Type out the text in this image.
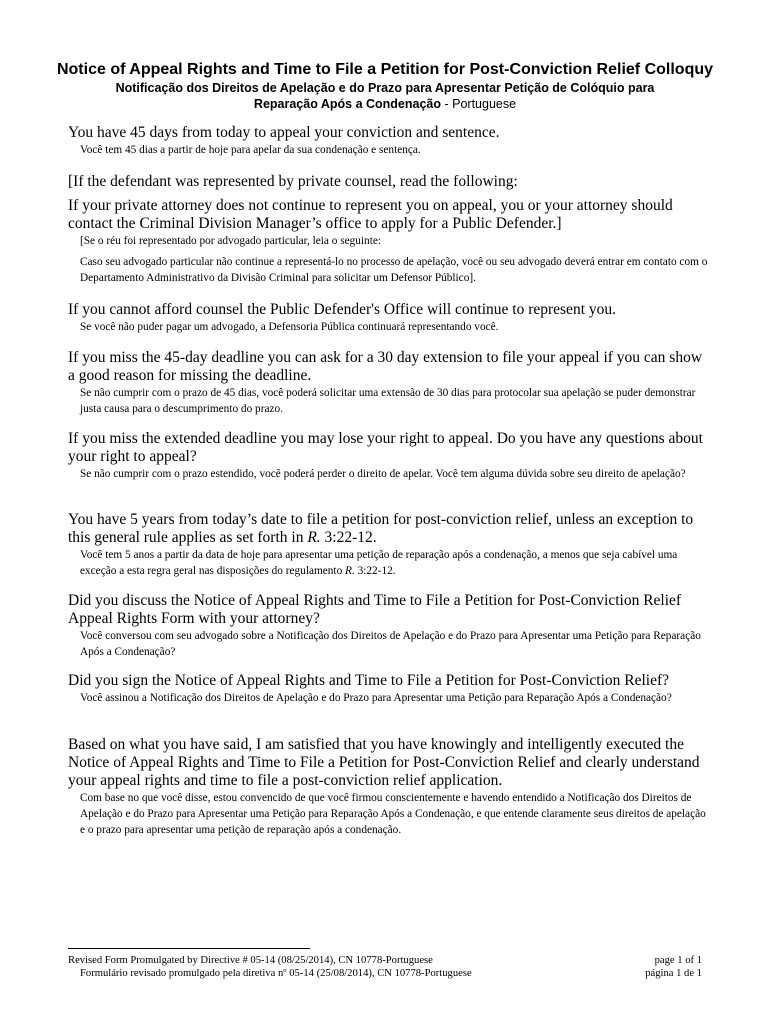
Notice of Appeal Rights and Time to File a Petition for Post-Conviction Relief Colloquy

Notificação dos Direitos de Apelação e do Prazo para Apresentar Petição de Colóquio para
Reparação Após a Condenação - Portuguese

You have 45 days from today to appeal your conviction and sentence.

Você tem 45 dias a partir de hoje para apelar da sua condenação e sentença.

[If the defendant was represented by private counsel, read the following:

If your private attorney does not continue to represent you on appeal, you or your attorney should contact the Criminal Division Manager’s office to apply for a Public Defender.]

[Se o réu foi representado por advogado particular, leia o seguinte:

Caso seu advogado particular não continue a representá-lo no processo de apelação, você ou seu advogado deverá entrar em contato com o Departamento Administrativo da Divisão Criminal para solicitar um Defensor Público].

If you cannot afford counsel the Public Defender's Office will continue to represent you.

Se você não puder pagar um advogado, a Defensoria Pública continuará representando você.

If you miss the 45-day deadline you can ask for a 30 day extension to file your appeal if you can show a good reason for missing the deadline.

Se não cumprir com o prazo de 45 dias, você poderá solicitar uma extensão de 30 dias para protocolar sua apelação se puder demonstrar justa causa para o descumprimento do prazo.

If you miss the extended deadline you may lose your right to appeal. Do you have any questions about your right to appeal?

Se não cumprir com o prazo estendido, você poderá perder o direito de apelar. Você tem alguma dúvida sobre seu direito de apelação?

You have 5 years from today’s date to file a petition for post-conviction relief, unless an exception to this general rule applies as set forth in R. 3:22-12.

Você tem 5 anos a partir da data de hoje para apresentar uma petição de reparação após a condenação, a menos que seja cabível uma exceção a esta regra geral nas disposições do regulamento R. 3:22-12.

Did you discuss the Notice of Appeal Rights and Time to File a Petition for Post-Conviction Relief Appeal Rights Form with your attorney?

Você conversou com seu advogado sobre a Notificação dos Direitos de Apelação e do Prazo para Apresentar uma Petição para Reparação Após a Condenação?

Did you sign the Notice of Appeal Rights and Time to File a Petition for Post-Conviction Relief?

Você assinou a Notificação dos Direitos de Apelação e do Prazo para Apresentar uma Petição para Reparação Após a Condenação?

Based on what you have said, I am satisfied that you have knowingly and intelligently executed the Notice of Appeal Rights and Time to File a Petition for Post-Conviction Relief and clearly understand your appeal rights and time to file a post-conviction relief application.

Com base no que você disse, estou convencido de que você firmou conscientemente e havendo entendido a Notificação dos Direitos de Apelação e do Prazo para Apresentar uma Petição para Reparação Após a Condenação, e que entende claramente seus direitos de apelação e o prazo para apresentar uma petição de reparação após a condenação.

Revised Form Promulgated by Directive # 05-14 (08/25/2014), CN 10778-Portuguese
Formulário revisado promulgado pela diretiva nº 05-14 (25/08/2014), CN 10778-Portuguese
page 1 of 1
página 1 de 1
